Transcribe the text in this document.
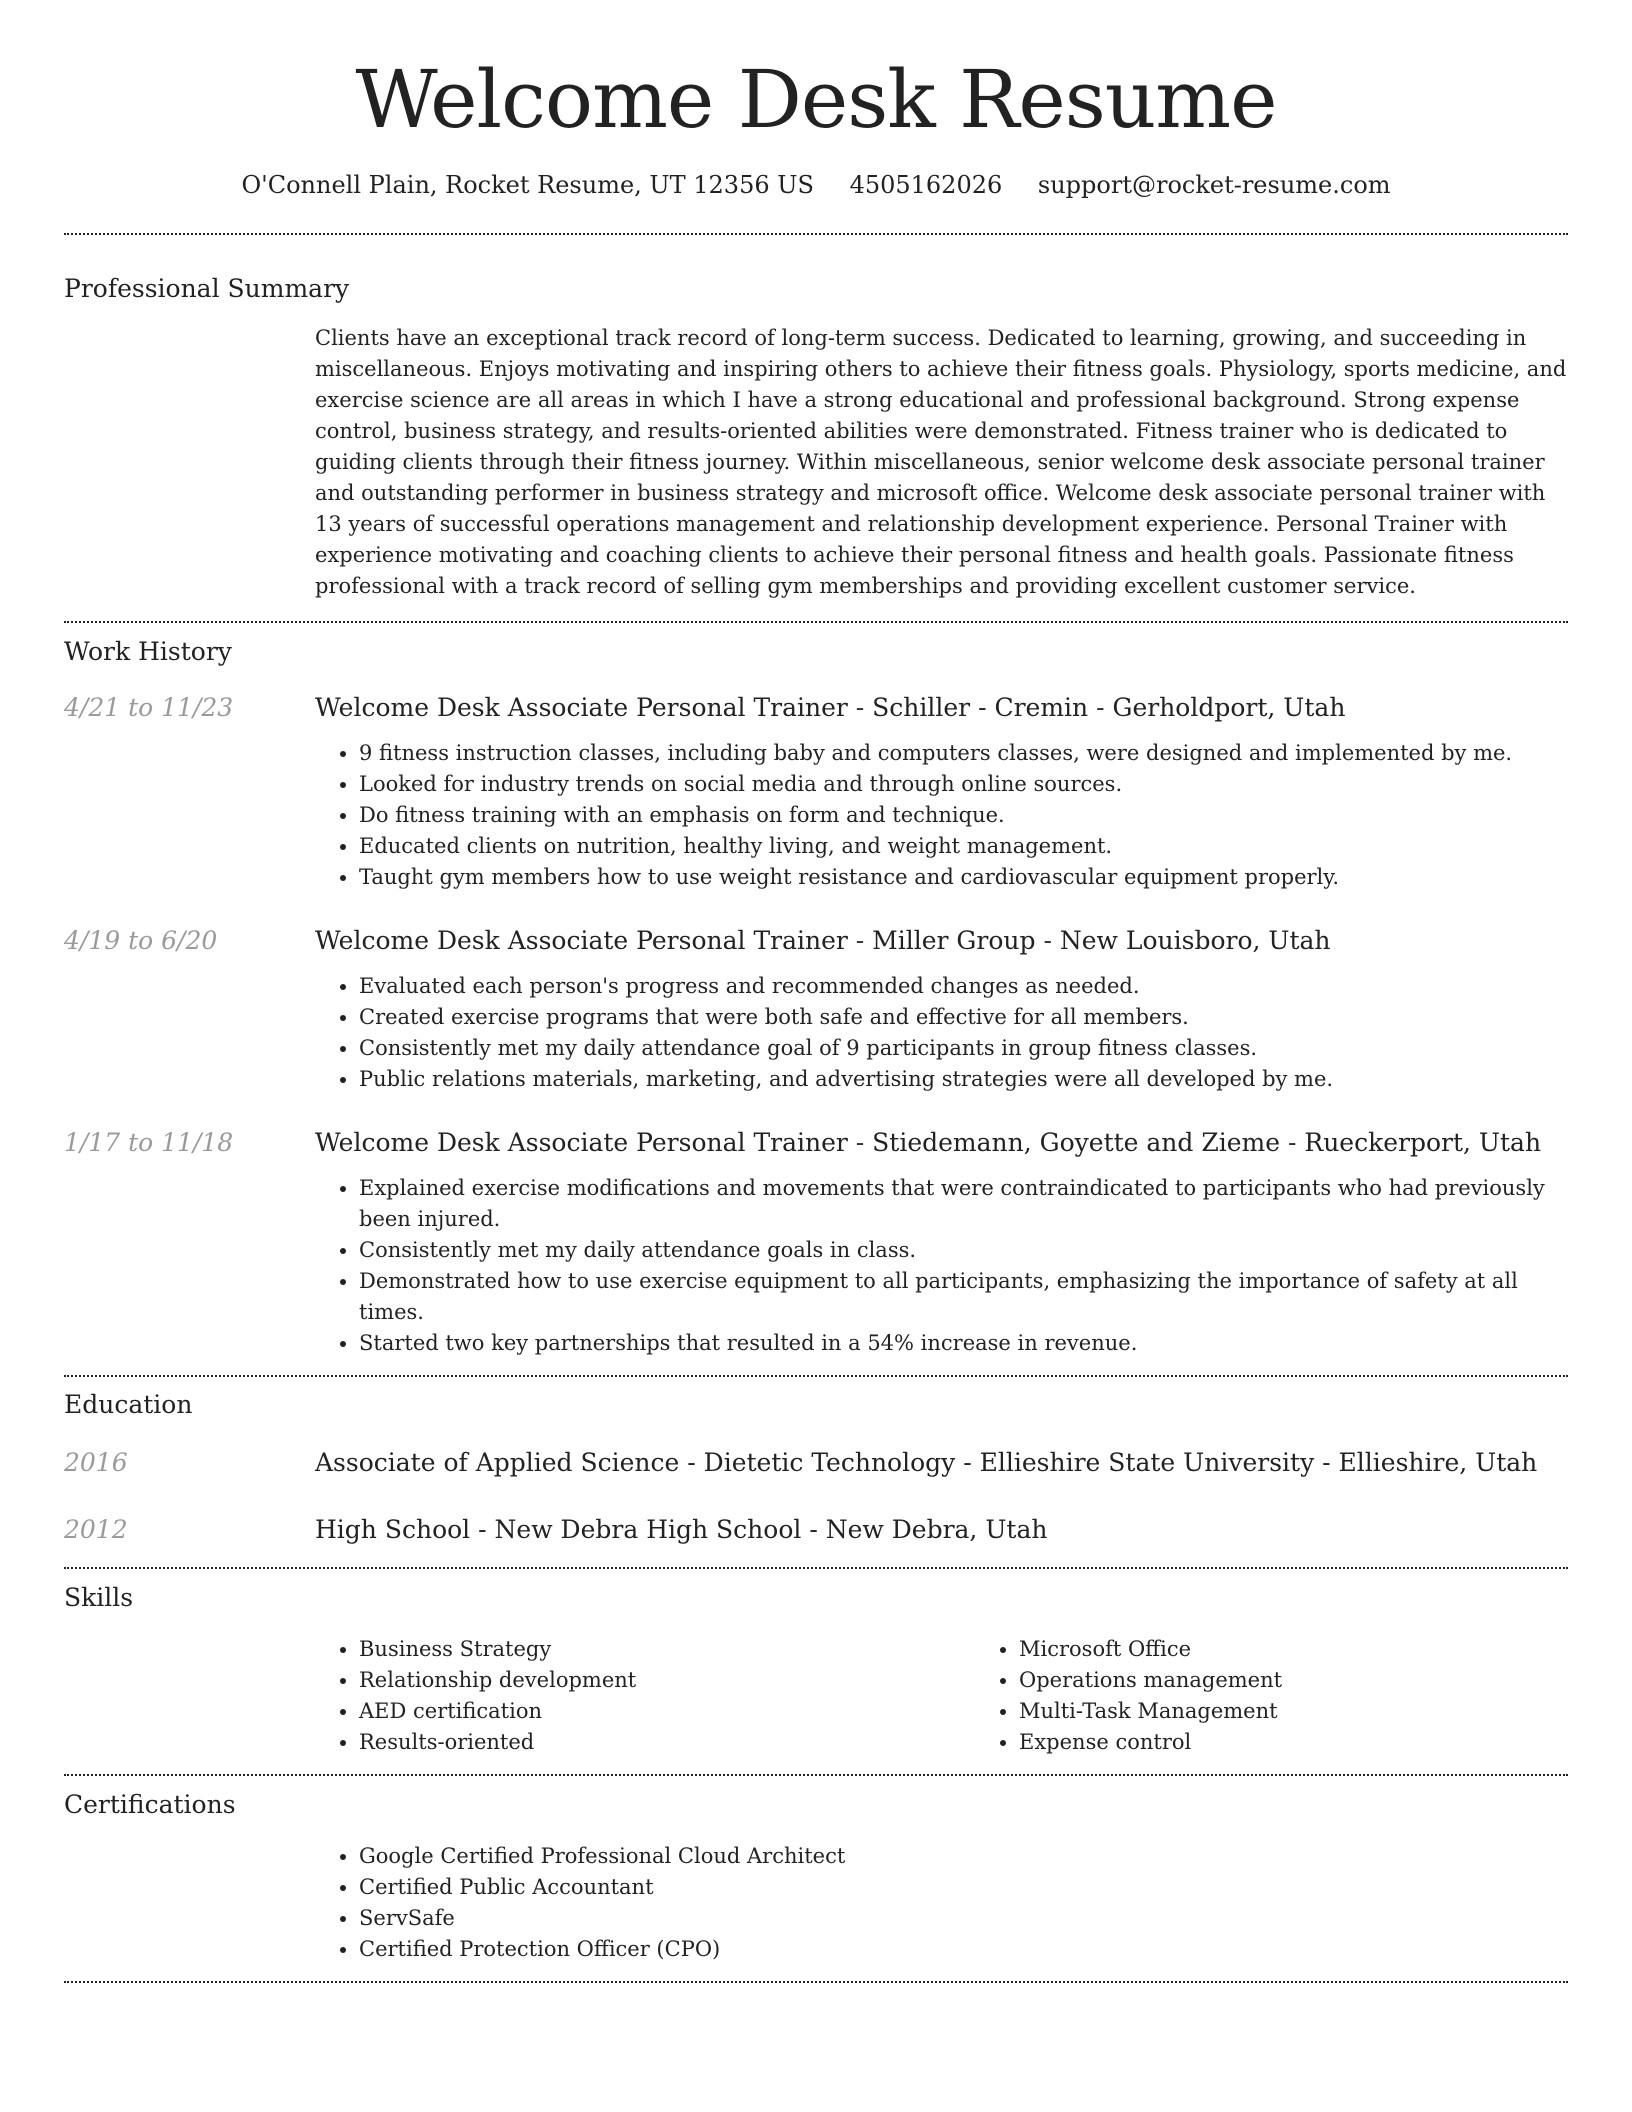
Welcome Desk Resume
O'Connell Plain, Rocket Resume, UT 12356 US 4505162026 support@rocket-resume.com
Professional Summary
Clients have an exceptional track record of long-term success. Dedicated to learning, growing, and succeeding in miscellaneous. Enjoys motivating and inspiring others to achieve their fitness goals. Physiology, sports medicine, and exercise science are all areas in which I have a strong educational and professional background. Strong expense control, business strategy, and results-oriented abilities were demonstrated. Fitness trainer who is dedicated to guiding clients through their fitness journey. Within miscellaneous, senior welcome desk associate personal trainer and outstanding performer in business strategy and microsoft office. Welcome desk associate personal trainer with 13 years of successful operations management and relationship development experience. Personal Trainer with experience motivating and coaching clients to achieve their personal fitness and health goals. Passionate fitness professional with a track record of selling gym memberships and providing excellent customer service.
Work History
4/21 to 11/23	Welcome Desk Associate Personal Trainer - Schiller - Cremin - Gerholdport, Utah
• 9 fitness instruction classes, including baby and computers classes, were designed and implemented by me.
• Looked for industry trends on social media and through online sources.
• Do fitness training with an emphasis on form and technique.
• Educated clients on nutrition, healthy living, and weight management.
• Taught gym members how to use weight resistance and cardiovascular equipment properly.
4/19 to 6/20	Welcome Desk Associate Personal Trainer - Miller Group - New Louisboro, Utah
• Evaluated each person's progress and recommended changes as needed.
• Created exercise programs that were both safe and effective for all members.
• Consistently met my daily attendance goal of 9 participants in group fitness classes.
• Public relations materials, marketing, and advertising strategies were all developed by me.
1/17 to 11/18	Welcome Desk Associate Personal Trainer - Stiedemann, Goyette and Zieme - Rueckerport, Utah
• Explained exercise modifications and movements that were contraindicated to participants who had previously been injured.
• Consistently met my daily attendance goals in class.
• Demonstrated how to use exercise equipment to all participants, emphasizing the importance of safety at all times.
• Started two key partnerships that resulted in a 54% increase in revenue.
Education
2016	Associate of Applied Science - Dietetic Technology - Ellieshire State University - Ellieshire, Utah
2012	High School - New Debra High School - New Debra, Utah
Skills
• Business Strategy
• Relationship development
• AED certification
• Results-oriented
• Microsoft Office
• Operations management
• Multi-Task Management
• Expense control
Certifications
• Google Certified Professional Cloud Architect
• Certified Public Accountant
• ServSafe
• Certified Protection Officer (CPO)
